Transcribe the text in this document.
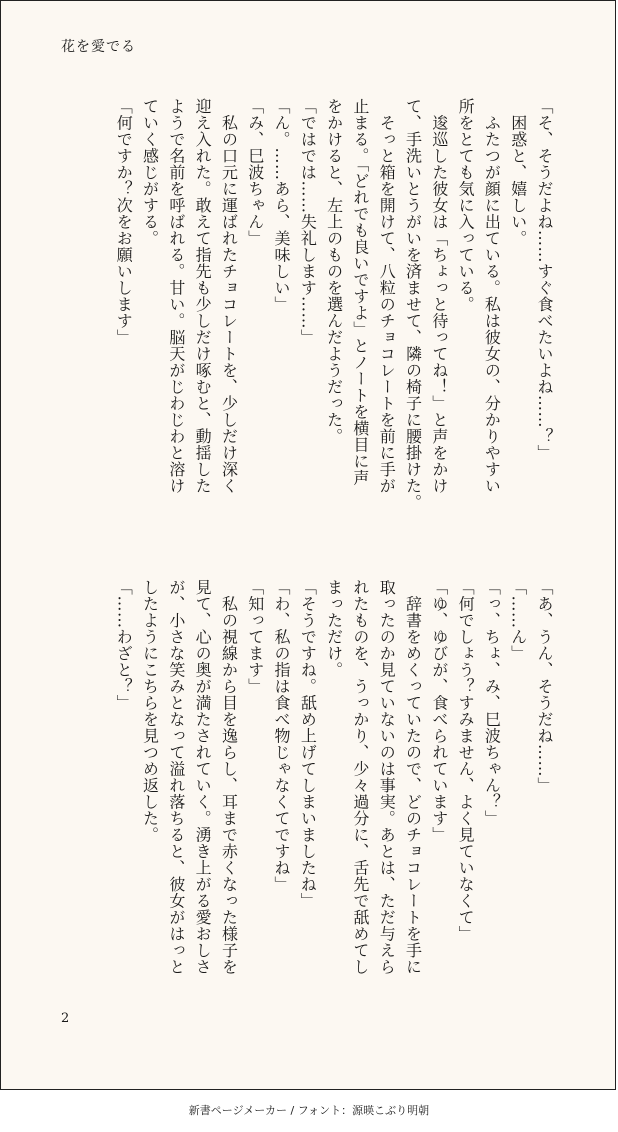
花を愛でる

「そ、そうだよね……すぐ食べたいよね……？」

　困惑と、嬉しい。

　ふたつが顔に出ている。私は彼女の、分かりやすい

所をとても気に入っている。

　逡巡した彼女は「ちょっと待ってね！」と声をかけ

て、手洗いとうがいを済ませて、隣の椅子に腰掛けた。

　そっと箱を開けて、八粒のチョコレートを前に手が

止まる。「どれでも良いですよ」とノートを横目に声

をかけると、左上のものを選んだようだった。

「ではでは……失礼します……」

「ん。……あら、美味しい」

「み、巳波ちゃん」

　私の口元に運ばれたチョコレートを、少しだけ深く

迎え入れた。敢えて指先も少しだけ啄むと、動揺した

ようで名前を呼ばれる。甘い。脳天がじわじわと溶け

ていく感じがする。

「何ですか？次をお願いします」

「あ、うん、そうだね……」

「……ん」

「っ、ちょ、み、巳波ちゃん？」

「何でしょう？すみません、よく見ていなくて」

「ゆ、ゆびが、食べられています」

　辞書をめくっていたので、どのチョコレートを手に

取ったのか見ていないのは事実。あとは、ただ与えら

れたものを、うっかり、少々過分に、舌先で舐めてし

まっただけ。

「そうですね。舐め上げてしまいましたね」

「わ、私の指は食べ物じゃなくてですね」

「知ってます」

　私の視線から目を逸らし、耳まで赤くなった様子を

見て、心の奥が満たされていく。湧き上がる愛おしさ

が、小さな笑みとなって溢れ落ちると、彼女がはっと

したようにこちらを見つめ返した。

「……わざと？」

2
新書ページメーカー / フォント：源暎こぶり明朝
